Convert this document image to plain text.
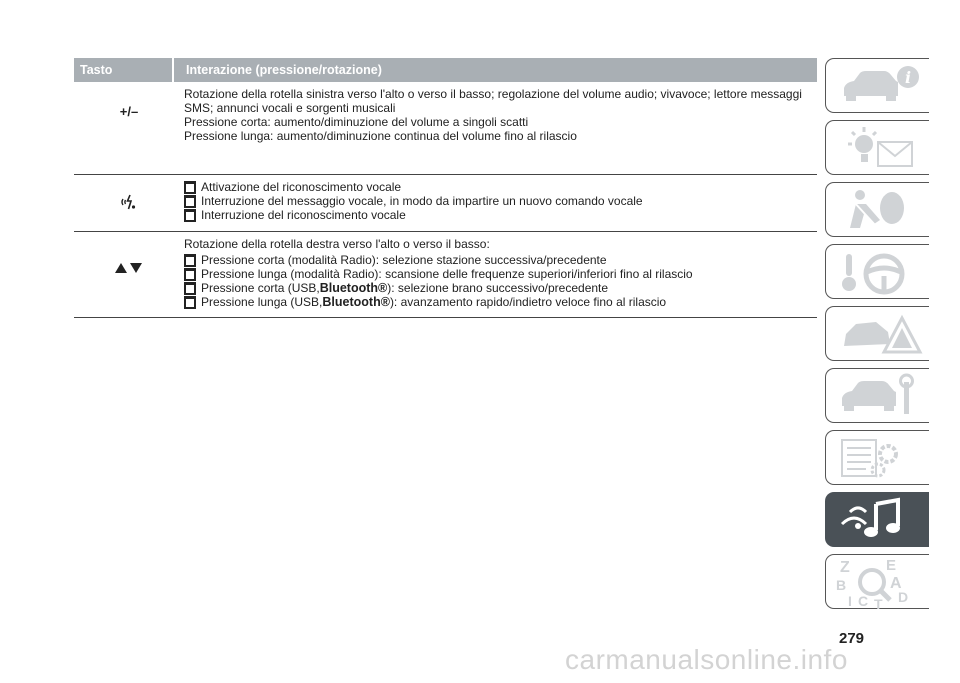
Tasto	Interazione (pressione/rotazione)
+/–

Rotazione della rotella sinistra verso l'alto o verso il basso; regolazione del volume audio; vivavoce; lettore messaggi

SMS; annunci vocali e sorgenti musicali

Pressione corta: aumento/diminuzione del volume a singoli scatti

Pressione lunga: aumento/diminuzione continua del volume fino al rilascio

Attivazione del riconoscimento vocale
Interruzione del messaggio vocale, in modo da impartire un nuovo comando vocale
Interruzione del riconoscimento vocale

Rotazione della rotella destra verso l'alto o verso il basso:

Pressione corta (modalità Radio): selezione stazione successiva/precedente
Pressione lunga (modalità Radio): scansione delle frequenze superiori/inferiori fino al rilascio
Pressione corta (USB, Bluetooth® ): selezione brano successivo/precedente
Pressione lunga (USB, Bluetooth® ): avanzamento rapido/indietro veloce fino al rilascio
i
Z E
B	A
C D
I T
279
carmanualsonline.info
